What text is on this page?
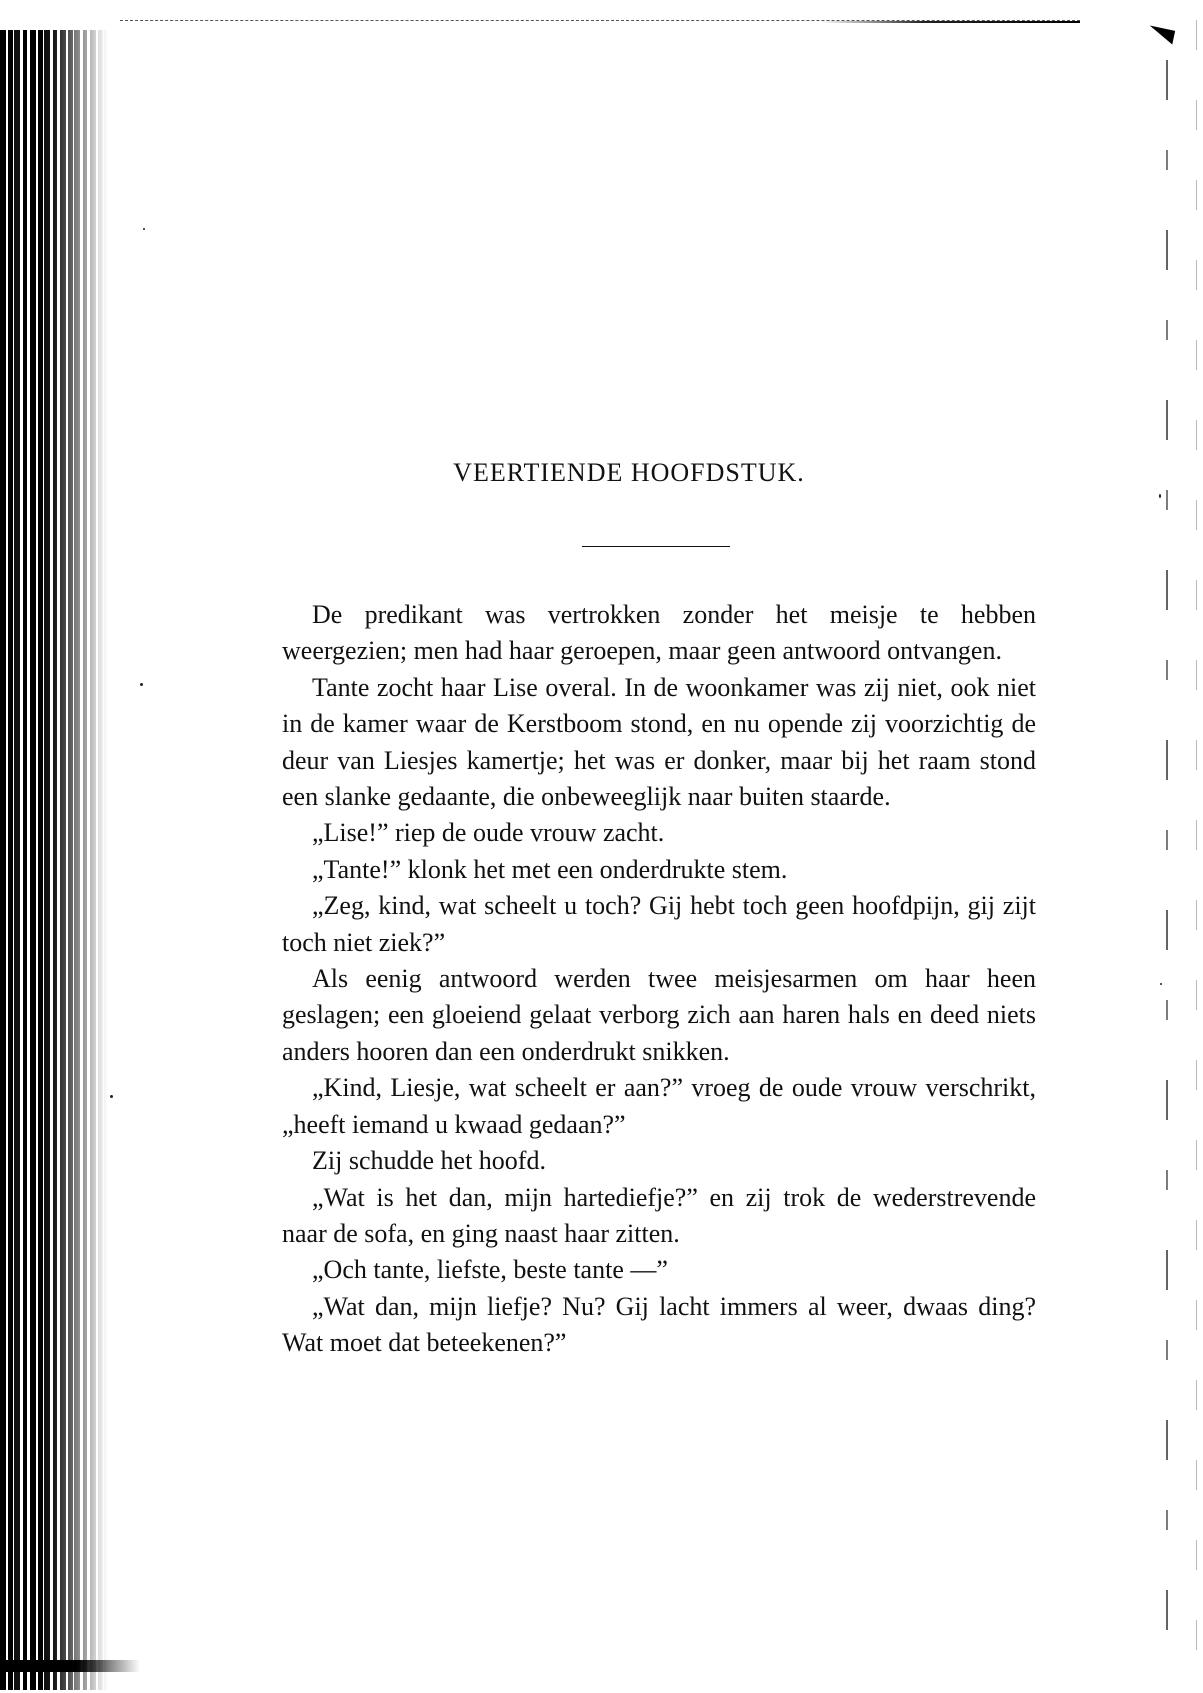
VEERTIENDE HOOFDSTUK.

De predikant was vertrokken zonder het meisje te hebben weergezien; men had haar geroepen, maar geen antwoord ontvangen.

Tante zocht haar Lise overal. In de woonkamer was zij niet, ook niet in de kamer waar de Kerstboom stond, en nu opende zij voorzichtig de deur van Liesjes kamertje; het was er donker, maar bij het raam stond een slanke gedaante, die onbeweeglijk naar buiten staarde.

„Lise!” riep de oude vrouw zacht.

„Tante!” klonk het met een onderdrukte stem.

„Zeg, kind, wat scheelt u toch? Gij hebt toch geen hoofdpijn, gij zijt toch niet ziek?”

Als eenig antwoord werden twee meisjesarmen om haar heen geslagen; een gloeiend gelaat verborg zich aan haren hals en deed niets anders hooren dan een onderdrukt snikken.

„Kind, Liesje, wat scheelt er aan?” vroeg de oude vrouw verschrikt, „heeft iemand u kwaad gedaan?”

Zij schudde het hoofd.

„Wat is het dan, mijn hartediefje?” en zij trok de wederstrevende naar de sofa, en ging naast haar zitten.

„Och tante, liefste, beste tante —”

„Wat dan, mijn liefje? Nu? Gij lacht immers al weer, dwaas ding? Wat moet dat beteekenen?”
